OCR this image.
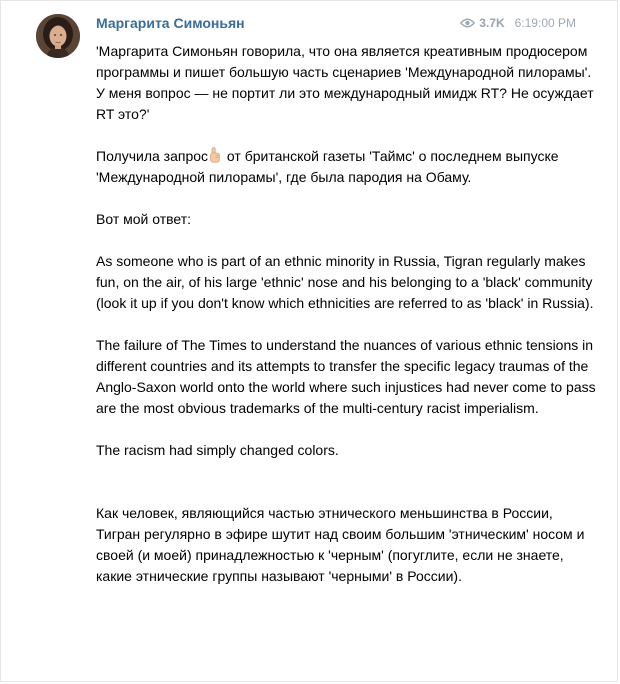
Маргарита Симоньян	3.7K 6:19:00 PM

'Маргарита Симоньян говорила, что она является креативным продюсером программы и пишет большую часть сценариев 'Международной пилорамы'. У меня вопрос — не портит ли это международный имидж RT? Не осуждает RT это?'

Получила запрос от британской газеты 'Таймс' о последнем выпуске 'Международной пилорамы', где была пародия на Обаму.

Вот мой ответ:

As someone who is part of an ethnic minority in Russia, Tigran regularly makes fun, on the air, of his large 'ethnic' nose and his belonging to a 'black' community (look it up if you don't know which ethnicities are referred to as 'black' in Russia).

The failure of The Times to understand the nuances of various ethnic tensions in different countries and its attempts to transfer the specific legacy traumas of the Anglo-Saxon world onto the world where such injustices had never come to pass are the most obvious trademarks of the multi-century racist imperialism.

The racism had simply changed colors.

Как человек, являющийся частью этнического меньшинства в России, Тигран регулярно в эфире шутит над своим большим 'этническим' носом и своей (и моей) принадлежностью к 'черным' (погуглите, если не знаете, какие этнические группы называют 'черными' в России).
